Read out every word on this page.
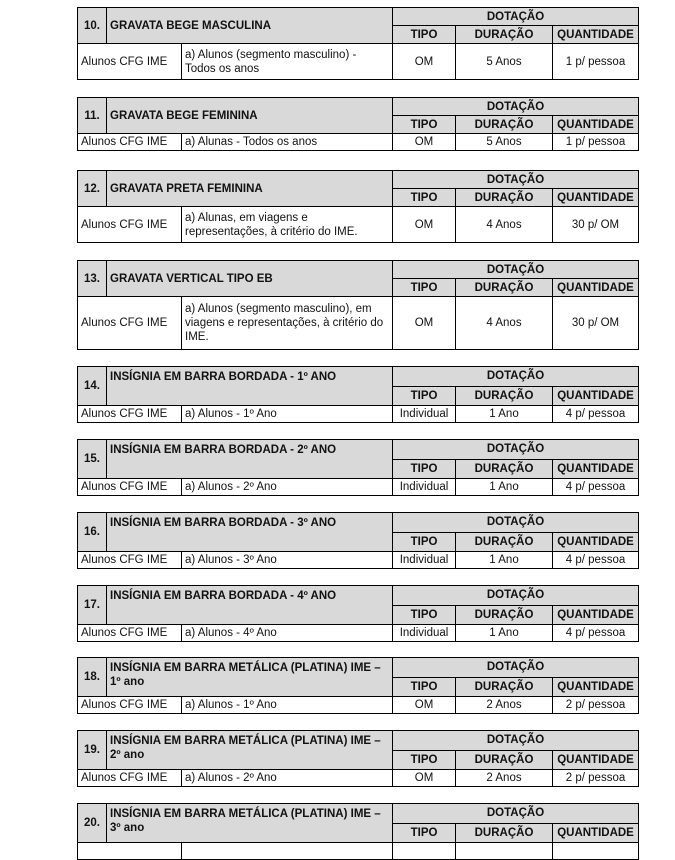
10.	GRAVATA BEGE MASCULINA		DOTAÇÃO		
			TIPO	DURAÇÃO	QUANTIDADE
Alunos CFG IME		a) Alunos (segmento masculino) - Todos os anos	OM	5 Anos	1 p/ pessoa
11.	GRAVATA BEGE FEMININA		DOTAÇÃO		
			TIPO	DURAÇÃO	QUANTIDADE
Alunos CFG IME		a) Alunas - Todos os anos	OM	5 Anos	1 p/ pessoa
12.	GRAVATA PRETA FEMININA		DOTAÇÃO		
			TIPO	DURAÇÃO	QUANTIDADE
Alunos CFG IME		a) Alunas, em viagens e representações, à critério do IME.	OM	4 Anos	30 p/ OM
13.	GRAVATA VERTICAL TIPO EB		DOTAÇÃO		
			TIPO	DURAÇÃO	QUANTIDADE
Alunos CFG IME		a) Alunos (segmento masculino), em viagens e representações, à critério do IME.	OM	4 Anos	30 p/ OM
14.	INSÍGNIA EM BARRA BORDADA - 1º ANO		DOTAÇÃO		
			TIPO	DURAÇÃO	QUANTIDADE
Alunos CFG IME		a) Alunos - 1º Ano	Individual	1 Ano	4 p/ pessoa
15.	INSÍGNIA EM BARRA BORDADA - 2º ANO		DOTAÇÃO		
			TIPO	DURAÇÃO	QUANTIDADE
Alunos CFG IME		a) Alunos - 2º Ano	Individual	1 Ano	4 p/ pessoa
16.	INSÍGNIA EM BARRA BORDADA - 3º ANO		DOTAÇÃO		
			TIPO	DURAÇÃO	QUANTIDADE
Alunos CFG IME		a) Alunos - 3º Ano	Individual	1 Ano	4 p/ pessoa
17.	INSÍGNIA EM BARRA BORDADA - 4º ANO		DOTAÇÃO		
			TIPO	DURAÇÃO	QUANTIDADE
Alunos CFG IME		a) Alunos - 4º Ano	Individual	1 Ano	4 p/ pessoa
18.	INSÍGNIA EM BARRA METÁLICA (PLATINA) IME – 1º ano		DOTAÇÃO		
			TIPO	DURAÇÃO	QUANTIDADE
Alunos CFG IME		a) Alunos - 1º Ano	OM	2 Anos	2 p/ pessoa
19.	INSÍGNIA EM BARRA METÁLICA (PLATINA) IME – 2º ano		DOTAÇÃO		
			TIPO	DURAÇÃO	QUANTIDADE
Alunos CFG IME		a) Alunos - 2º Ano	OM	2 Anos	2 p/ pessoa
20.	INSÍGNIA EM BARRA METÁLICA (PLATINA) IME – 3º ano		DOTAÇÃO		
			TIPO	DURAÇÃO	QUANTIDADE
